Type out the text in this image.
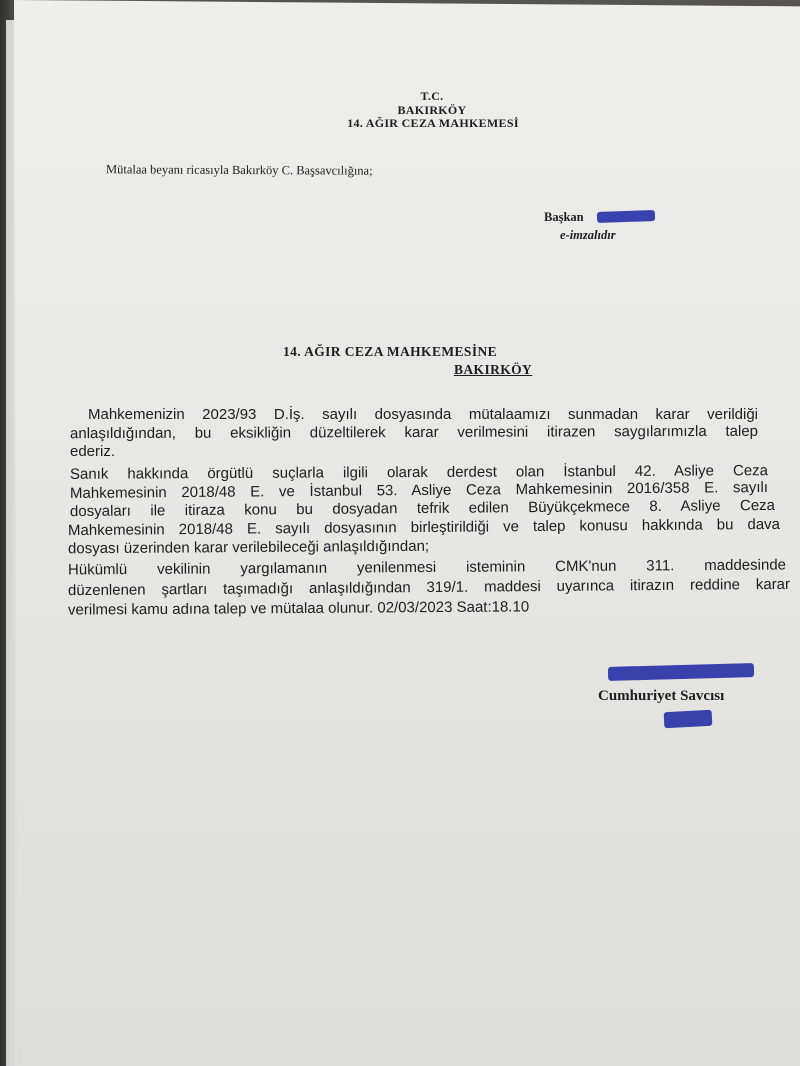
T.C.
BAKIRKÖY
14. AĞIR CEZA MAHKEMESİ
Mütalaa beyanı ricasıyla Bakırköy C. Başsavcılığına;
Başkan
e-imzalıdır
14. AĞIR CEZA MAHKEMESİNE
BAKIRKÖY
Mahkemenizin 2023/93 D.İş. sayılı dosyasında mütalaamızı sunmadan karar verildiği
anlaşıldığından, bu eksikliğin düzeltilerek karar verilmesini itirazen saygılarımızla talep
ederiz.
Sanık hakkında örgütlü suçlarla ilgili olarak derdest olan İstanbul 42. Asliye Ceza
Mahkemesinin 2018/48 E. ve İstanbul 53. Asliye Ceza Mahkemesinin 2016/358 E. sayılı
dosyaları ile itiraza konu bu dosyadan tefrik edilen Büyükçekmece 8. Asliye Ceza
Mahkemesinin 2018/48 E. sayılı dosyasının birleştirildiği ve talep konusu hakkında bu dava
dosyası üzerinden karar verilebileceği anlaşıldığından;
Hükümlü vekilinin yargılamanın yenilenmesi isteminin CMK'nun 311. maddesinde
düzenlenen şartları taşımadığı anlaşıldığından 319/1. maddesi uyarınca itirazın reddine karar
verilmesi kamu adına talep ve mütalaa olunur. 02/03/2023 Saat:18.10
Cumhuriyet Savcısı
